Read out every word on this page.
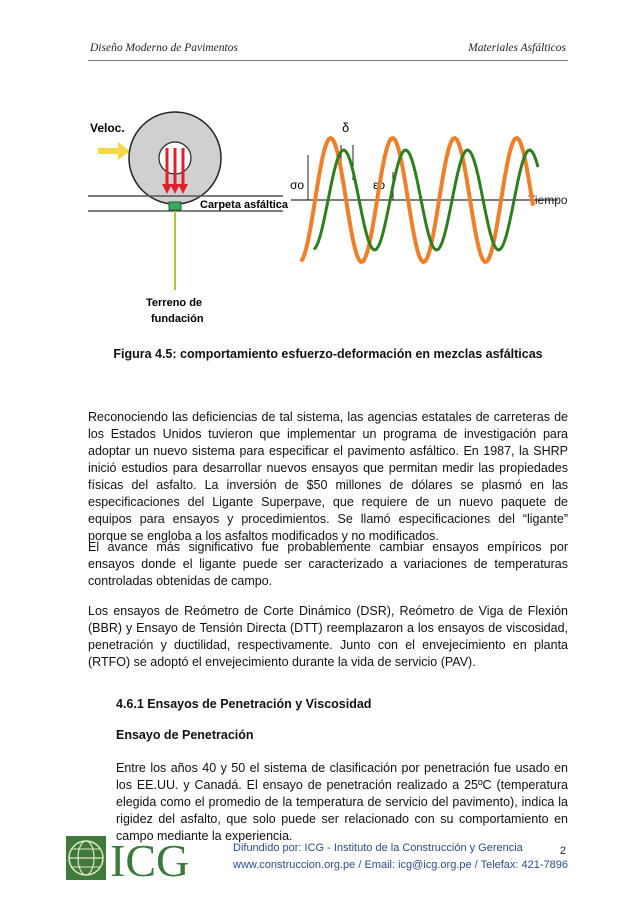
Diseño Moderno de Pavimentos	Materiales Asfálticos
Veloc.
Carpeta asfáltica
Terreno de
fundación
Tiempo
δ
σo	εo
Figura 4.5: comportamiento esfuerzo-deformación en mezclas asfálticas
Reconociendo las deficiencias de tal sistema, las agencias estatales de carreteras de los Estados Unidos tuvieron que implementar un programa de investigación para adoptar un nuevo sistema para especificar el pavimento asfáltico. En 1987, la SHRP inició estudios para desarrollar nuevos ensayos que permitan medir las propiedades físicas del asfalto. La inversión de $50 millones de dólares se plasmó en las especificaciones del Ligante Superpave, que requiere de un nuevo paquete de equipos para ensayos y procedimientos. Se llamó especificaciones del “ligante” porque se engloba a los asfaltos modificados y no modificados.
El avance más significativo fue probablemente cambiar ensayos empíricos por ensayos donde el ligante puede ser caracterizado a variaciones de temperaturas controladas obtenidas de campo.
Los ensayos de Reómetro de Corte Dinámico (DSR), Reómetro de Viga de Flexión (BBR) y Ensayo de Tensión Directa (DTT) reemplazaron a los ensayos de viscosidad, penetración y ductilidad, respectivamente. Junto con el envejecimiento en planta (RTFO) se adoptó el envejecimiento durante la vida de servicio (PAV).
4.6.1 Ensayos de Penetración y Viscosidad
Ensayo de Penetración
Entre los años 40 y 50 el sistema de clasificación por penetración fue usado en los EE.UU. y Canadá. El ensayo de penetración realizado a 25ºC (temperatura elegida como el promedio de la temperatura de servicio del pavimento), indica la rigidez del asfalto, que solo puede ser relacionado con su comportamiento en campo mediante la experiencia.
ICG	Difundido por: ICG - Instituto de la Construcción y Gerencia
www.construccion.org.pe / Email: icg@icg.org.pe / Telefax: 421-7896
2
